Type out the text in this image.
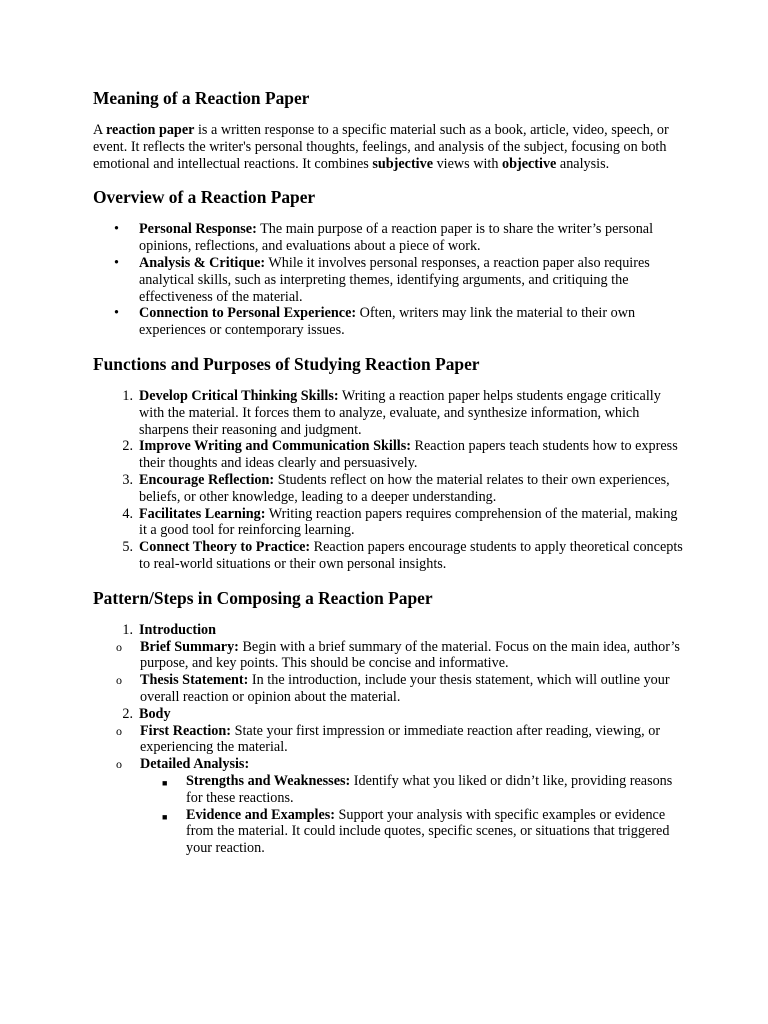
Meaning of a Reaction Paper

A reaction paper is a written response to a specific material such as a book, article, video, speech, or event. It reflects the writer's personal thoughts, feelings, and analysis of the subject, focusing on both emotional and intellectual reactions. It combines subjective views with objective analysis.

Overview of a Reaction Paper
• Personal Response: The main purpose of a reaction paper is to share the writer’s personal opinions, reflections, and evaluations about a piece of work.
• Analysis & Critique: While it involves personal responses, a reaction paper also requires analytical skills, such as interpreting themes, identifying arguments, and critiquing the effectiveness of the material.
• Connection to Personal Experience: Often, writers may link the material to their own experiences or contemporary issues.
Functions and Purposes of Studying Reaction Paper
1. Develop Critical Thinking Skills: Writing a reaction paper helps students engage critically with the material. It forces them to analyze, evaluate, and synthesize information, which sharpens their reasoning and judgment.
2. Improve Writing and Communication Skills: Reaction papers teach students how to express their thoughts and ideas clearly and persuasively.
3. Encourage Reflection: Students reflect on how the material relates to their own experiences, beliefs, or other knowledge, leading to a deeper understanding.
4. Facilitates Learning: Writing reaction papers requires comprehension of the material, making it a good tool for reinforcing learning.
5. Connect Theory to Practice: Reaction papers encourage students to apply theoretical concepts to real-world situations or their own personal insights.
Pattern/Steps in Composing a Reaction Paper
1. Introduction
o Brief Summary: Begin with a brief summary of the material. Focus on the main idea, author’s purpose, and key points. This should be concise and informative.
o Thesis Statement: In the introduction, include your thesis statement, which will outline your overall reaction or opinion about the material.
2. Body
o First Reaction: State your first impression or immediate reaction after reading, viewing, or experiencing the material.
o Detailed Analysis:
■ Strengths and Weaknesses: Identify what you liked or didn’t like, providing reasons for these reactions.
■ Evidence and Examples: Support your analysis with specific examples or evidence from the material. It could include quotes, specific scenes, or situations that triggered your reaction.
